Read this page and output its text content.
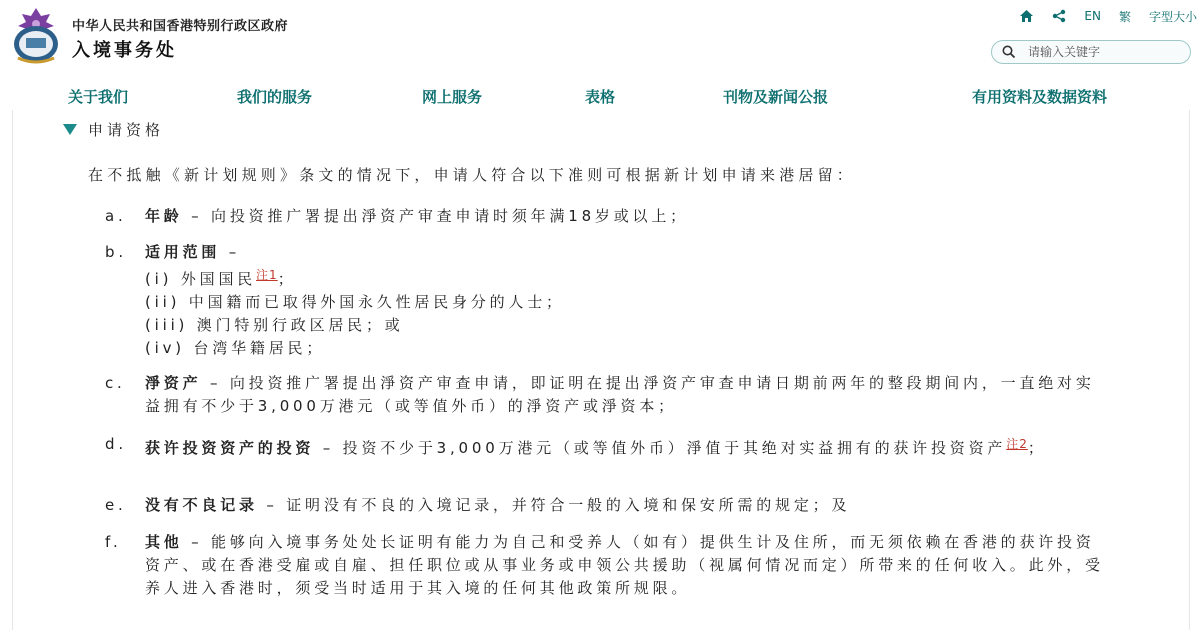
中华人民共和国香港特别行政区政府
入境事务处
EN 繁 字型大小
请输入关键字
关于我们	我们的服务	网上服务	表格	刊物及新闻公报	有用资料及数据资料
申请资格
在不抵触《新计划规则》条文的情况下，申请人符合以下准则可根据新计划申请来港居留：
a.	年龄 – 向投资推广署提出淨资产审查申请时须年满18岁或以上；
b.	适用范围 –
(i) 外国国民$^{注1}$；
(ii) 中国籍而已取得外国永久性居民身分的人士；
(iii) 澳门特别行政区居民；或
(iv) 台湾华籍居民；
c.	淨资产 – 向投资推广署提出淨资产审查申请，即证明在提出淨资产审查申请日期前两年的整段期间内，一直绝对实益拥有不少于3,000万港元（或等值外币）的淨资产或淨资本；
d.	获许投资资产的投资 – 投资不少于3,000万港元（或等值外币）淨值于其绝对实益拥有的获许投资资产$^{注2}$；
e.	没有不良记录 – 证明没有不良的入境记录，并符合一般的入境和保安所需的规定；及
f.	其他 – 能够向入境事务处处长证明有能力为自己和受养人（如有）提供生计及住所，而无须依赖在香港的获许投资资产、或在香港受雇或自雇、担任职位或从事业务或申领公共援助（视属何情况而定）所带来的任何收入。此外，受养人进入香港时，须受当时适用于其入境的任何其他政策所规限。
